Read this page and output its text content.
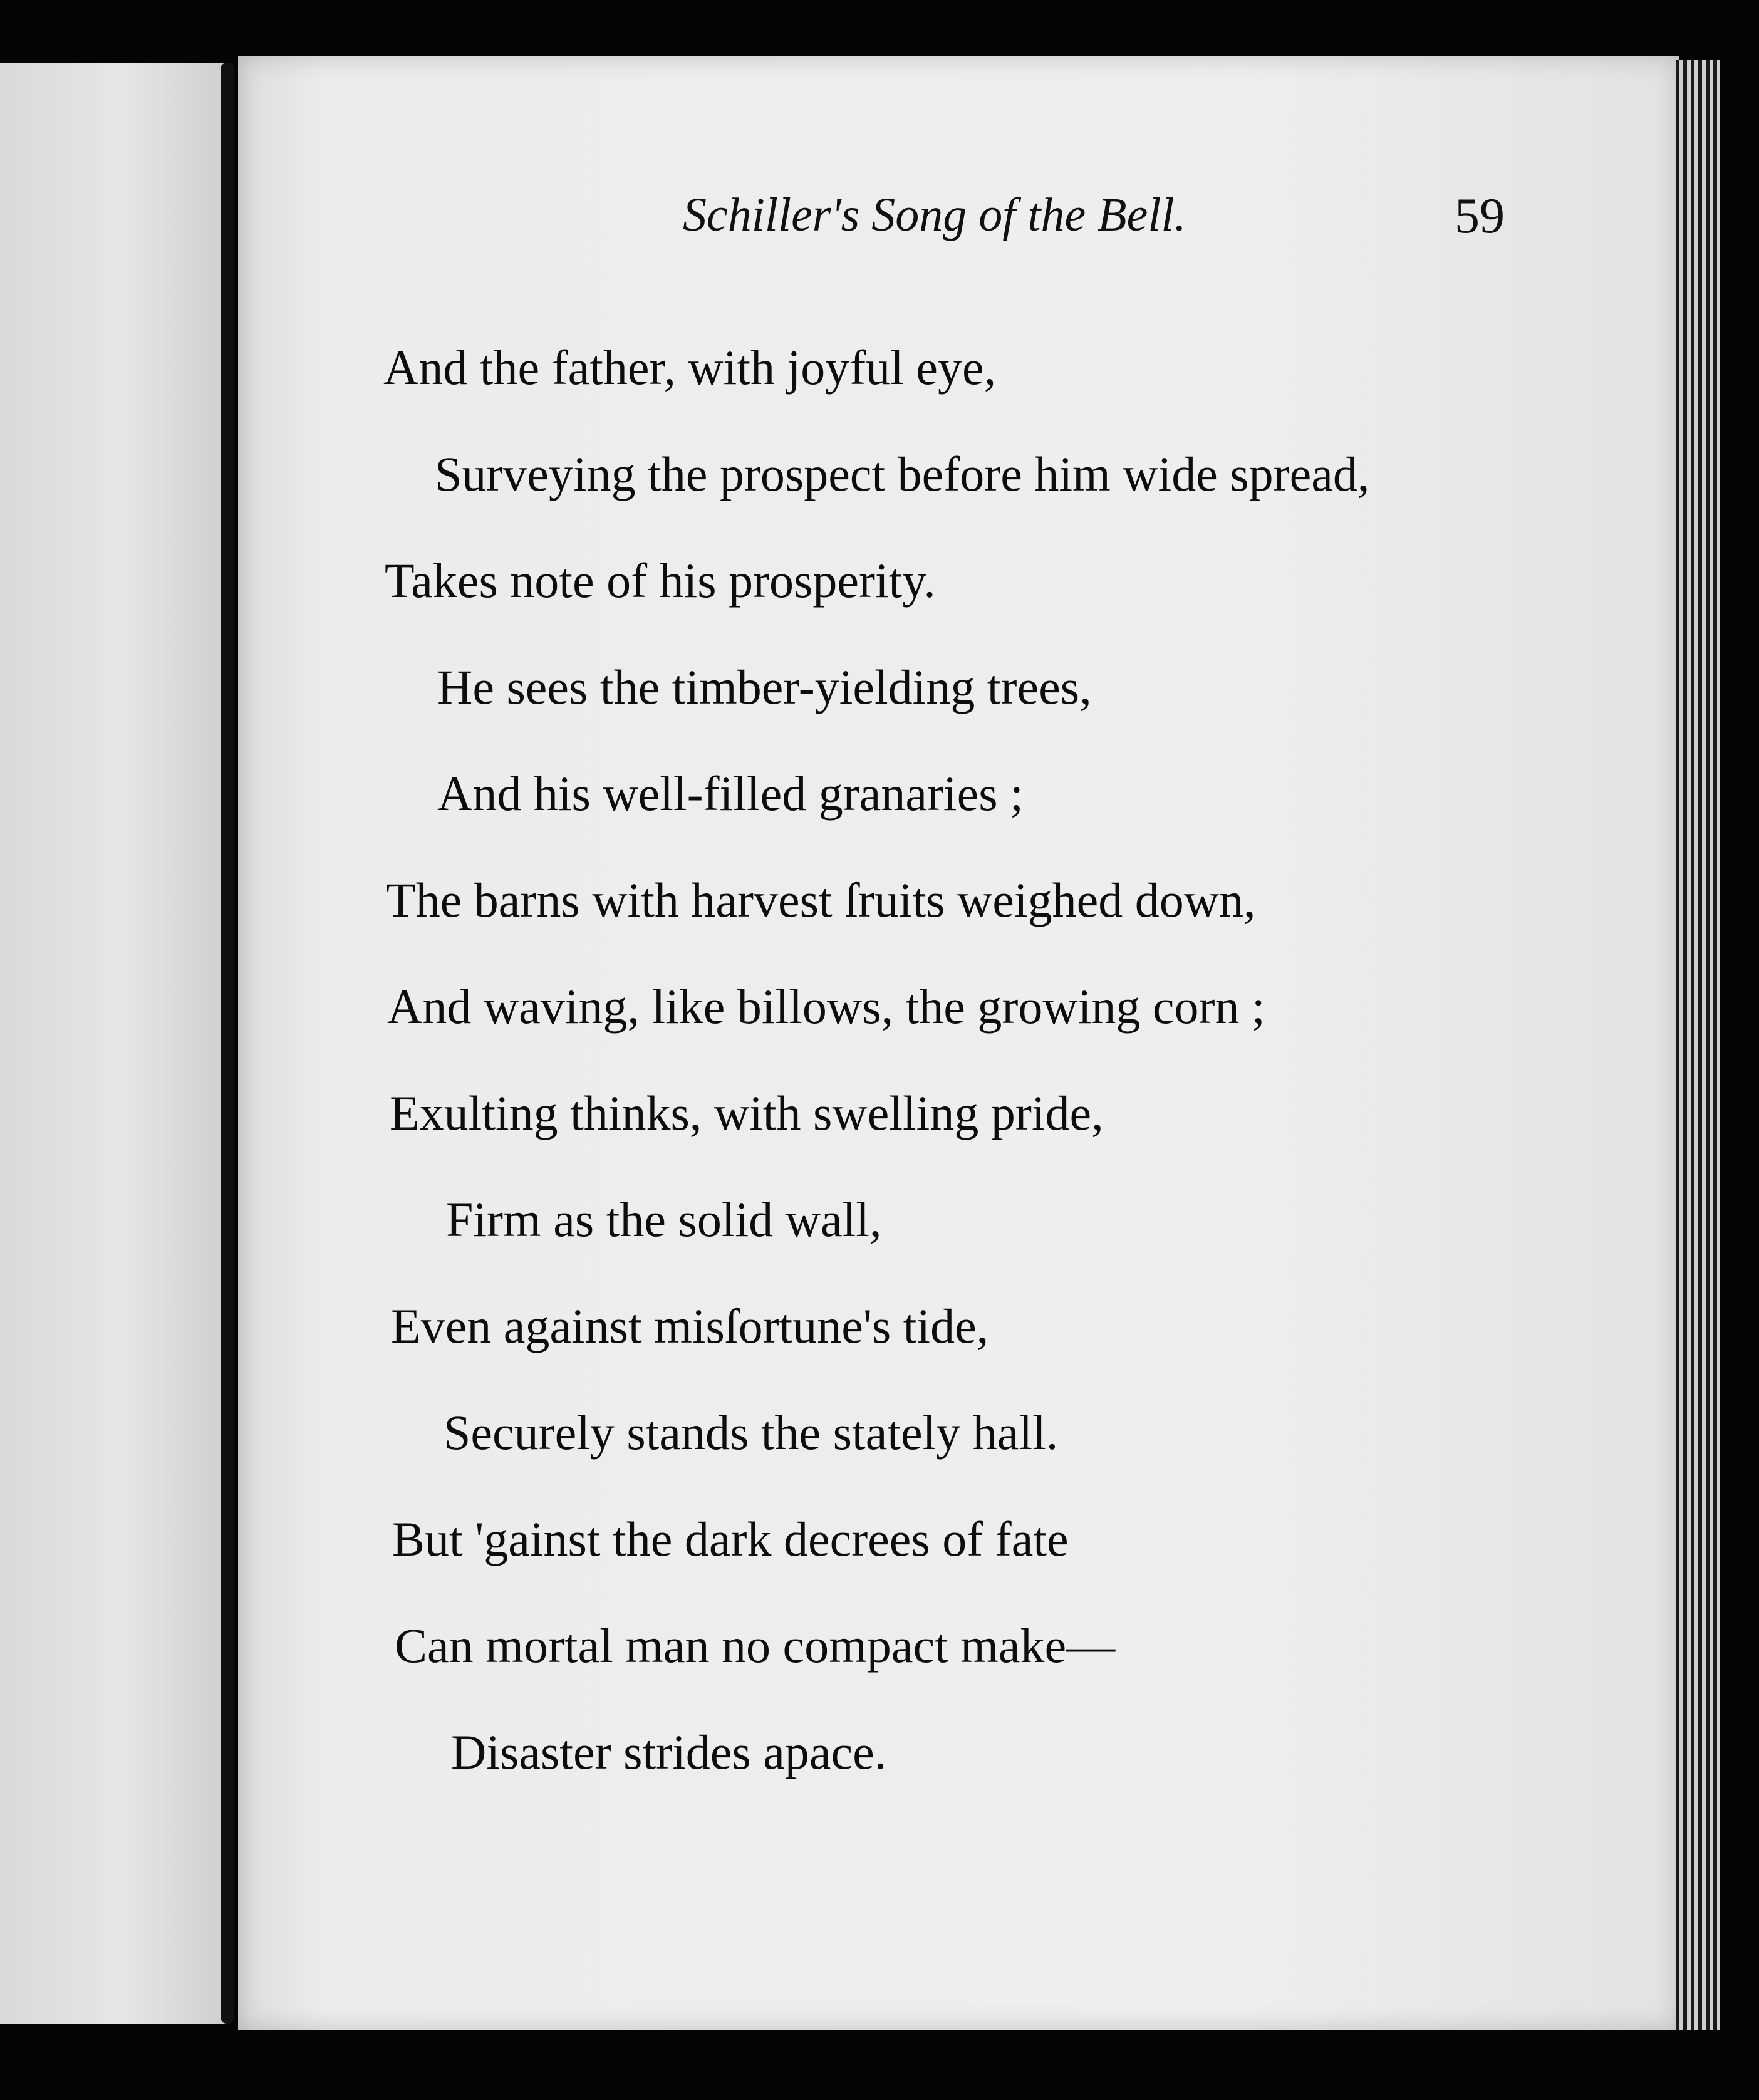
Schiller's Song of the Bell.	59
And the father, with joyful eye,
Surveying the prospect before him wide spread,
Takes note of his prosperity.
He sees the timber-yielding trees,
And his well-filled granaries ;
The barns with harvest ſruits weighed down,
And waving, like billows, the growing corn ;
Exulting thinks, with swelling pride,
Firm as the solid wall,
Even against misſortune's tide,
Securely stands the stately hall.
But 'gainst the dark decrees of fate
Can mortal man no compact make—
Disaster strides apace.
